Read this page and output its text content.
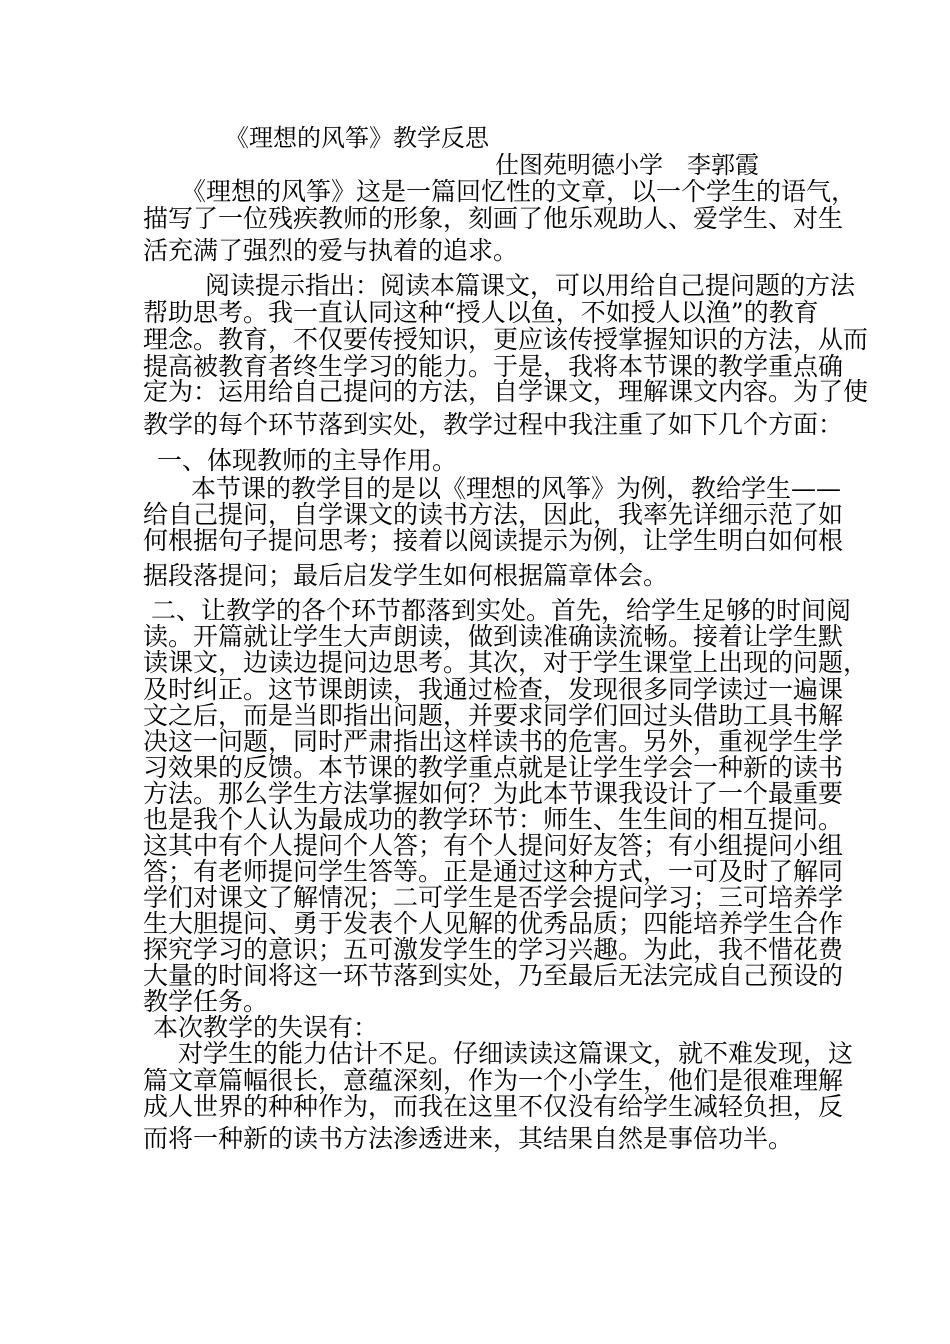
《理想的风筝》教学反思
仕图苑明德小学　李郭霞
《理想的风筝》这是一篇回忆性的文章，以一个学生的语气，
描写了一位残疾教师的形象，刻画了他乐观助人、爱学生、对生
活充满了强烈的爱与执着的追求。
阅读提示指出：阅读本篇课文，可以用给自己提问题的方法
帮助思考。我一直认同这种“授人以鱼，不如授人以渔”的教育
理念。教育，不仅要传授知识，更应该传授掌握知识的方法，从而
提高被教育者终生学习的能力。于是，我将本节课的教学重点确
定为：运用给自己提问的方法，自学课文，理解课文内容。为了使
教学的每个环节落到实处，教学过程中我注重了如下几个方面：
一、体现教师的主导作用。
本节课的教学目的是以《理想的风筝》为例，教给学生——
给自己提问，自学课文的读书方法，因此，我率先详细示范了如
何根据句子提问思考；接着以阅读提示为例，让学生明白如何根
据段落提问；最后启发学生如何根据篇章体会。
二、让教学的各个环节都落到实处。首先，给学生足够的时间阅
读。开篇就让学生大声朗读，做到读准确读流畅。接着让学生默
读课文，边读边提问边思考。其次，对于学生课堂上出现的问题，
及时纠正。这节课朗读，我通过检查，发现很多同学读过一遍课
文之后，而是当即指出问题，并要求同学们回过头借助工具书解
决这一问题，同时严肃指出这样读书的危害。另外，重视学生学
习效果的反馈。本节课的教学重点就是让学生学会一种新的读书
方法。那么学生方法掌握如何？为此本节课我设计了一个最重要
也是我个人认为最成功的教学环节：师生、生生间的相互提问。
这其中有个人提问个人答；有个人提问好友答；有小组提问小组
答；有老师提问学生答等。正是通过这种方式，一可及时了解同
学们对课文了解情况；二可学生是否学会提问学习；三可培养学
生大胆提问、勇于发表个人见解的优秀品质；四能培养学生合作
探究学习的意识；五可激发学生的学习兴趣。为此，我不惜花费
大量的时间将这一环节落到实处，乃至最后无法完成自己预设的
教学任务。
本次教学的失误有：
对学生的能力估计不足。仔细读读这篇课文，就不难发现，这
篇文章篇幅很长，意蕴深刻，作为一个小学生，他们是很难理解
成人世界的种种作为，而我在这里不仅没有给学生减轻负担，反
而将一种新的读书方法渗透进来，其结果自然是事倍功半。
